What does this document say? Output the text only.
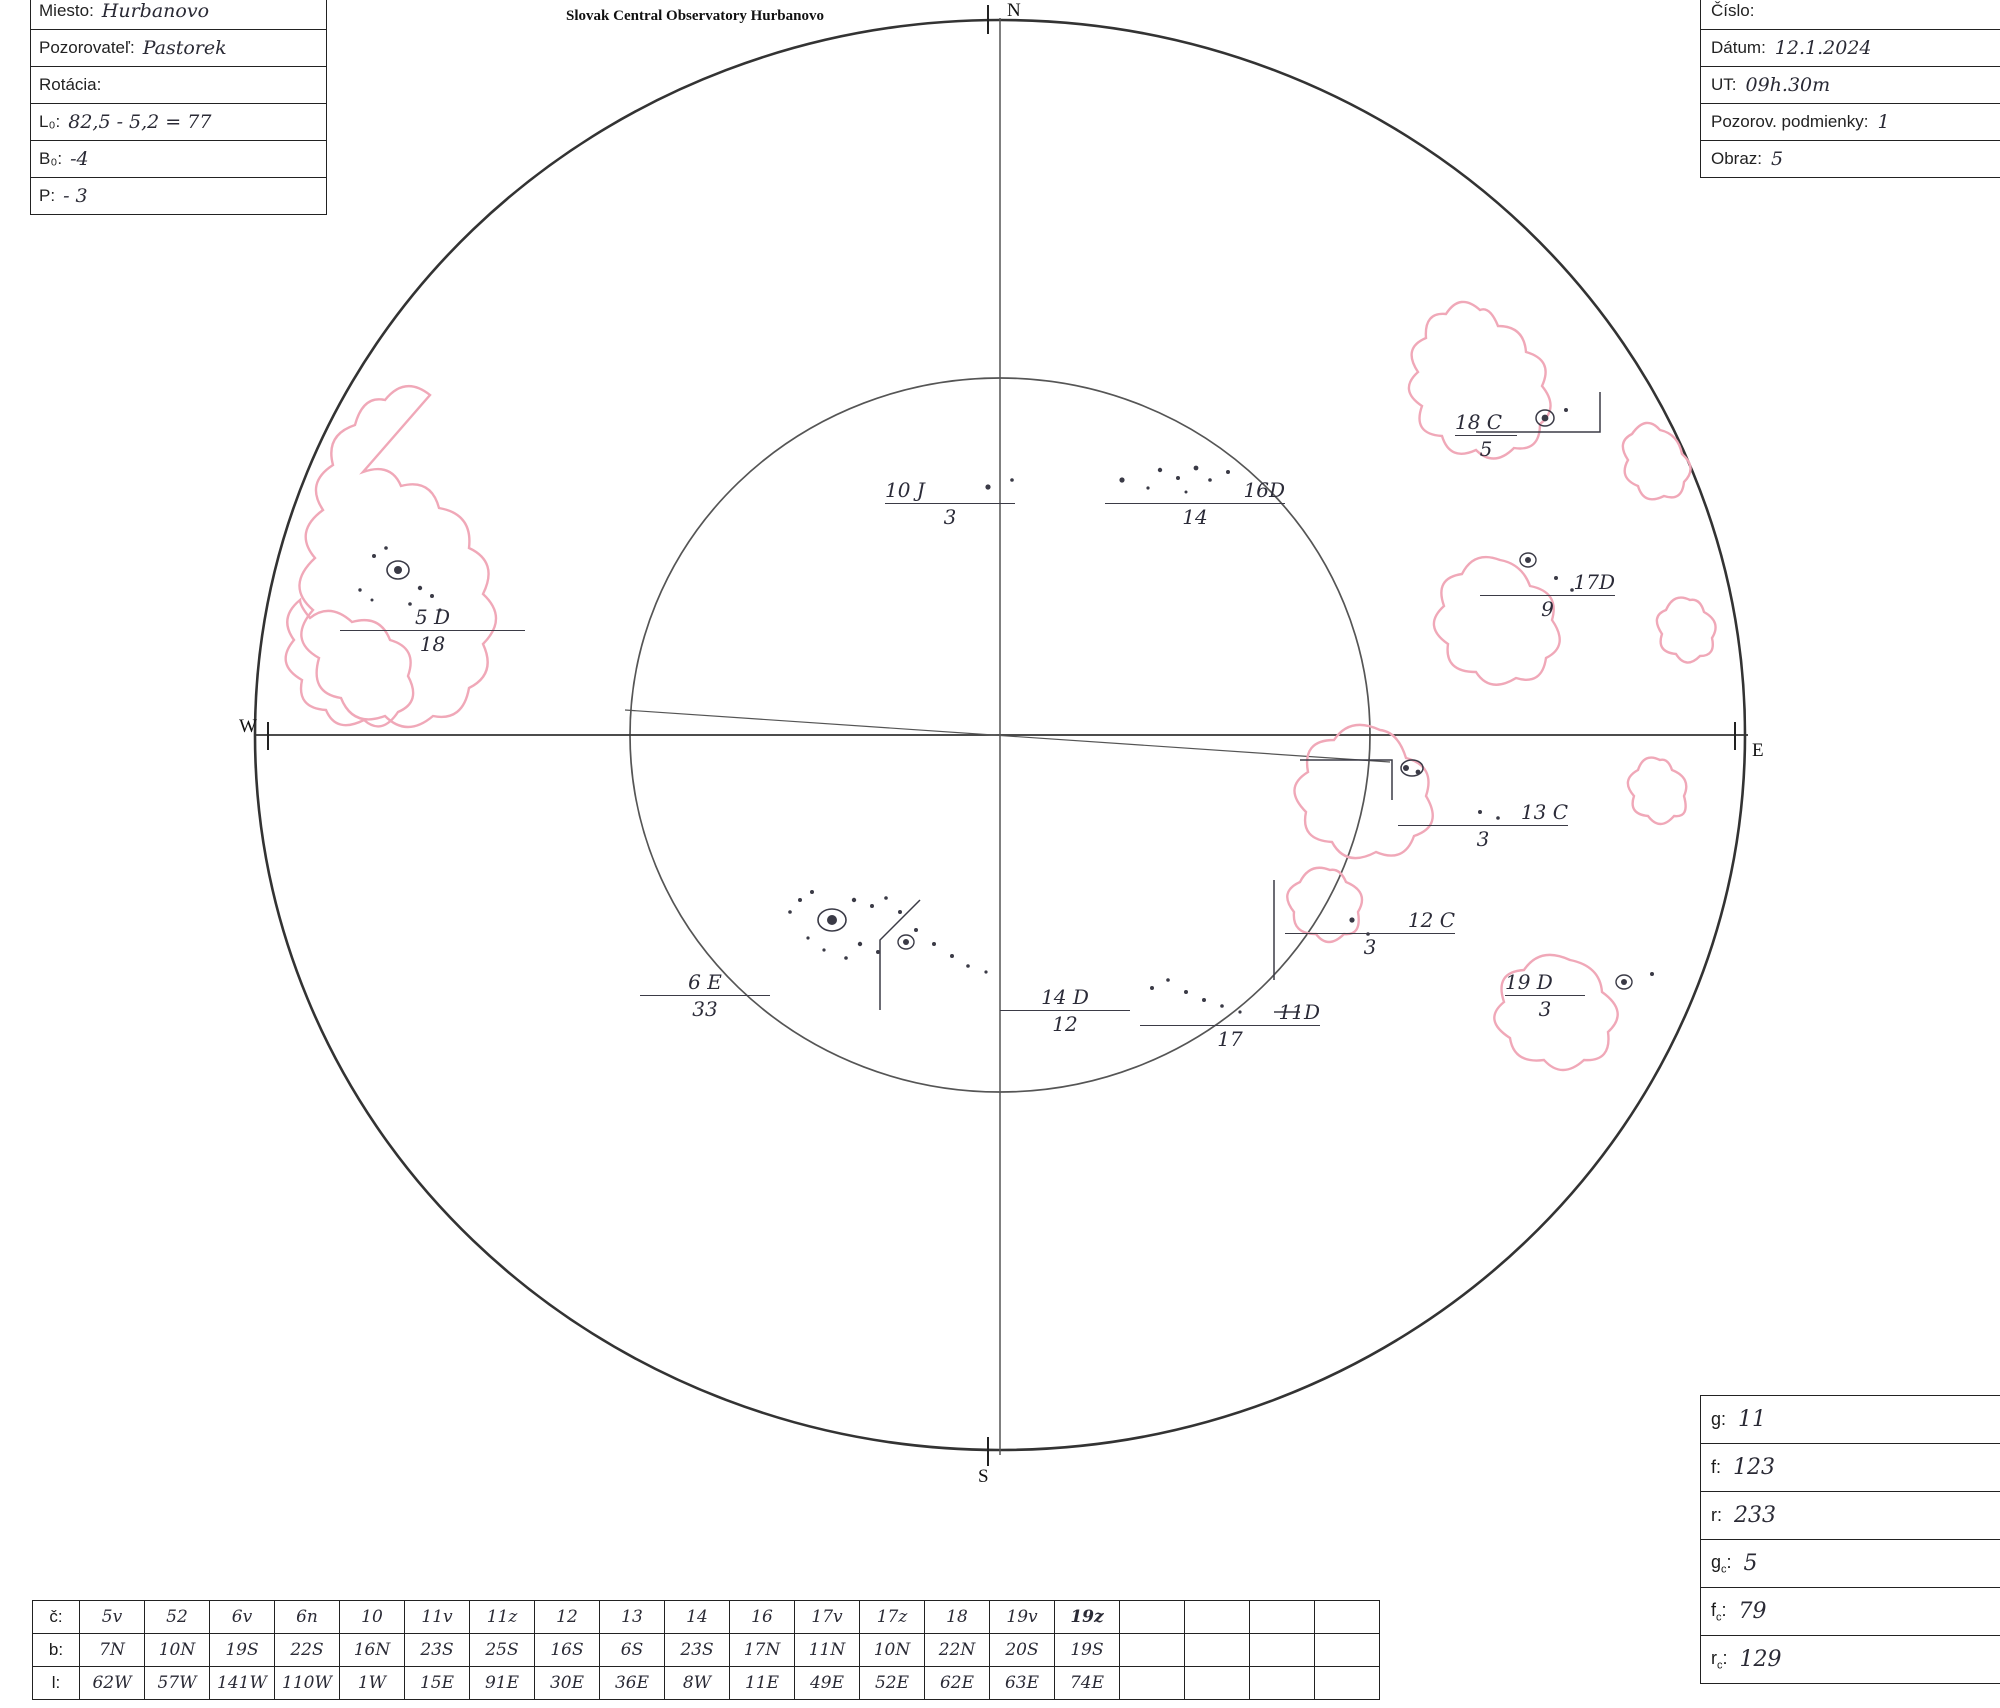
Slovak Central Observatory Hurbanovo
Miesto: Hurbanovo
Pozorovateľ: Pastorek
Rotácia:
L₀: 82,5 - 5,2 = 77
B₀: -4
P: - 3
Číslo:
Dátum: 12.1.2024
UT: 09h.30m
Pozorov. podmienky: 1
Obraz: 5
g: 11
f: 123
r: 233
$g_c$: 5
$f_c$: 79
$r_c$: 129
N
S
E
W
10 J
3
16D
14
18 C
5
17D
9
5 D
18
13 C
3
12 C
3
19 D
3
6 E
33	14 D
12	11D
17
č:	5v	52	6v	6n	10	11v	11z	12	13	14	16	17v	17z	18	19v	19z				
b:	7N	10N	19S	22S	16N	23S	25S	16S	6S	23S	17N	11N	10N	22N	20S	19S				
l:	62W	57W	141W	110W	1W	15E	91E	30E	36E	8W	11E	49E	52E	62E	63E	74E				
